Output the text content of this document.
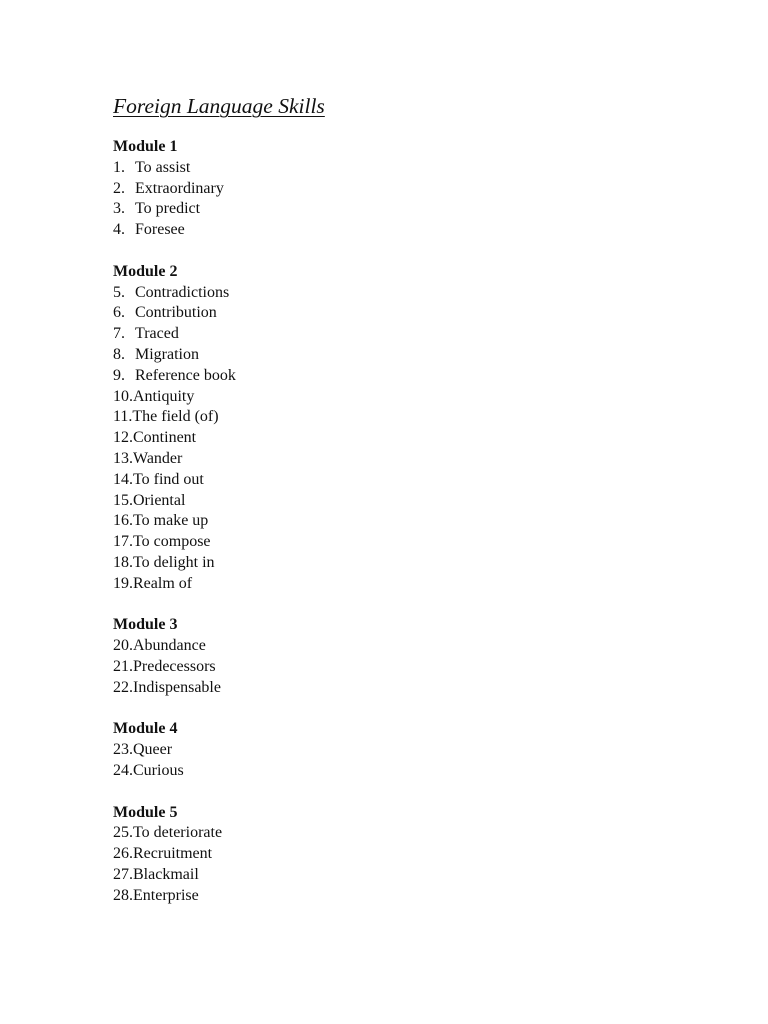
Foreign Language Skills
Module 1
1. To assist
2. Extraordinary
3. To predict
4. Foresee
Module 2
5. Contradictions
6. Contribution
7. Traced
8. Migration
9. Reference book
10.Antiquity
11.The field (of)
12.Continent
13.Wander
14.To find out
15.Oriental
16.To make up
17.To compose
18.To delight in
19.Realm of
Module 3
20.Abundance
21.Predecessors
22.Indispensable
Module 4
23.Queer
24.Curious
Module 5
25.To deteriorate
26.Recruitment
27.Blackmail
28.Enterprise
